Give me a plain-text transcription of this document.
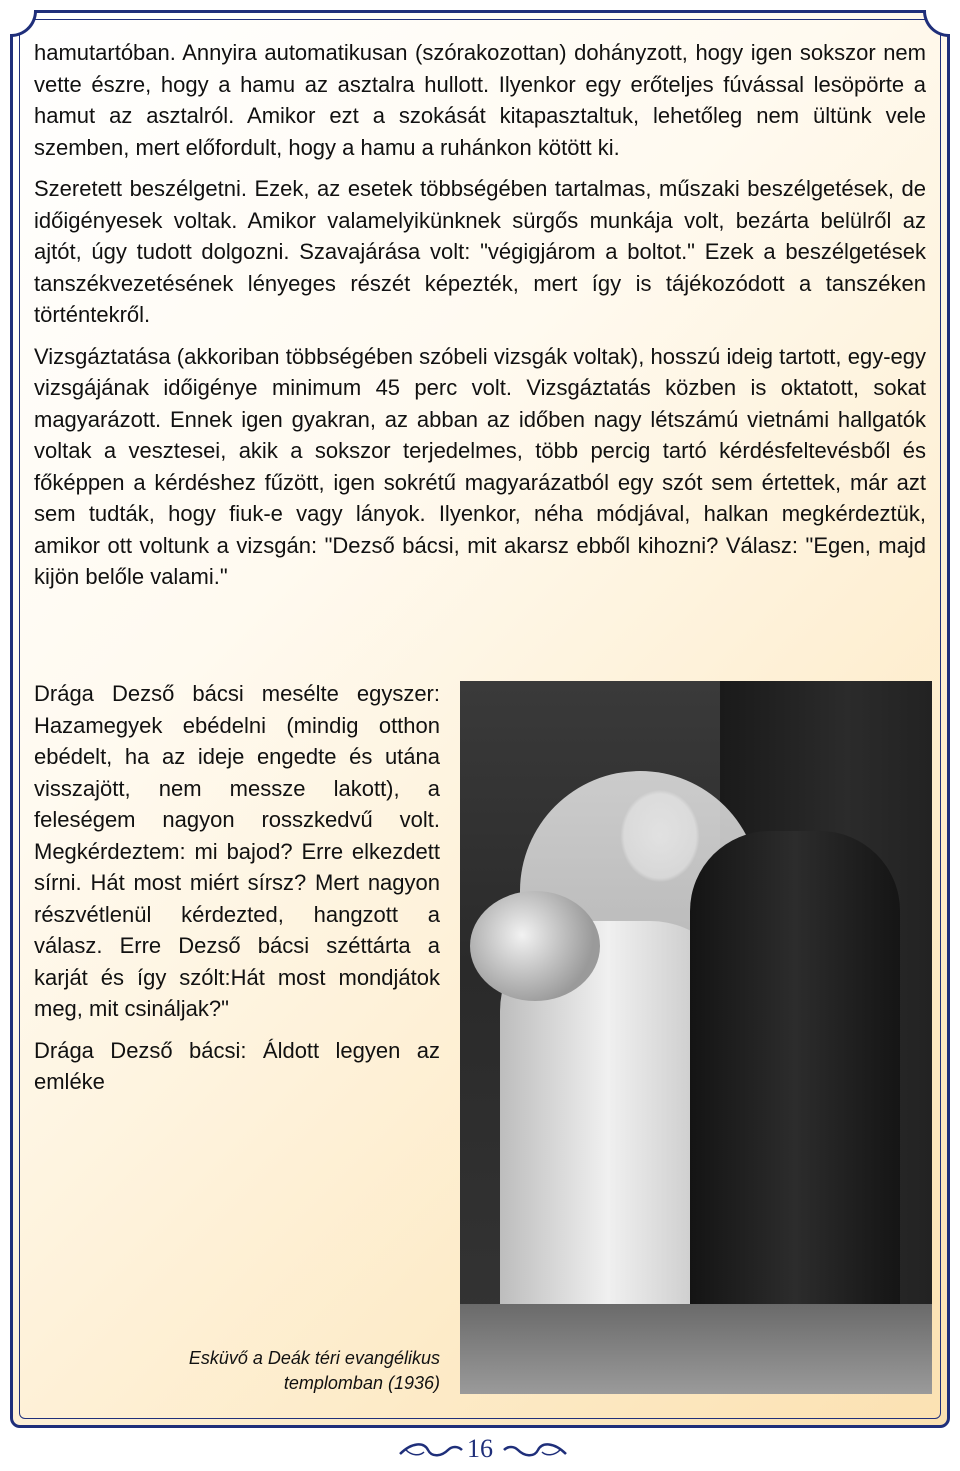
hamutartóban. Annyira automatikusan (szórakozottan) dohányzott, hogy igen sokszor nem vette észre, hogy a hamu az asztalra hullott. Ilyenkor egy erőteljes fúvással lesöpörte a hamut az asztalról. Amikor ezt a szokását kitapasztaltuk, lehetőleg nem ültünk vele szemben, mert előfordult, hogy a hamu a ruhánkon kötött ki.

Szeretett beszélgetni. Ezek, az esetek többségében tartalmas, műszaki beszélgetések, de időigényesek voltak. Amikor valamelyikünknek sürgős munkája volt, bezárta belülről az ajtót, úgy tudott dolgozni. Szavajárása volt: "végigjárom a boltot." Ezek a beszélgetések tanszékvezetésének lényeges részét képezték, mert így is tájékozódott a tanszéken történtekről.

Vizsgáztatása (akkoriban többségében szóbeli vizsgák voltak), hosszú ideig tartott, egy-egy vizsgájának időigénye minimum 45 perc volt. Vizsgáztatás közben is oktatott, sokat magyarázott. Ennek igen gyakran, az abban az időben nagy létszámú vietnámi hallgatók voltak a vesztesei, akik a sokszor terjedelmes, több percig tartó kérdésfeltevésből és főképpen a kérdéshez fűzött, igen sokrétű magyarázatból egy szót sem értettek, már azt sem tudták, hogy fiuk-e vagy lányok. Ilyenkor, néha módjával, halkan megkérdeztük, amikor ott voltunk a vizsgán: "Dezső bácsi, mit akarsz ebből kihozni? Válasz: "Egen, majd kijön belőle valami."

Drága Dezső bácsi mesélte egyszer: Hazamegyek ebédelni (mindig otthon ebédelt, ha az ideje engedte és utána visszajött, nem messze lakott), a feleségem nagyon rosszkedvű volt. Megkérdeztem: mi bajod? Erre elkezdett sírni. Hát most miért sírsz? Mert nagyon részvétlenül kérdezted, hangzott a válasz. Erre Dezső bácsi széttárta a karját és így szólt:Hát most mondjátok meg, mit csináljak?"

Drága Dezső bácsi: Áldott legyen az emléke

Esküvő a Deák téri evangélikus
templomban (1936)
16
